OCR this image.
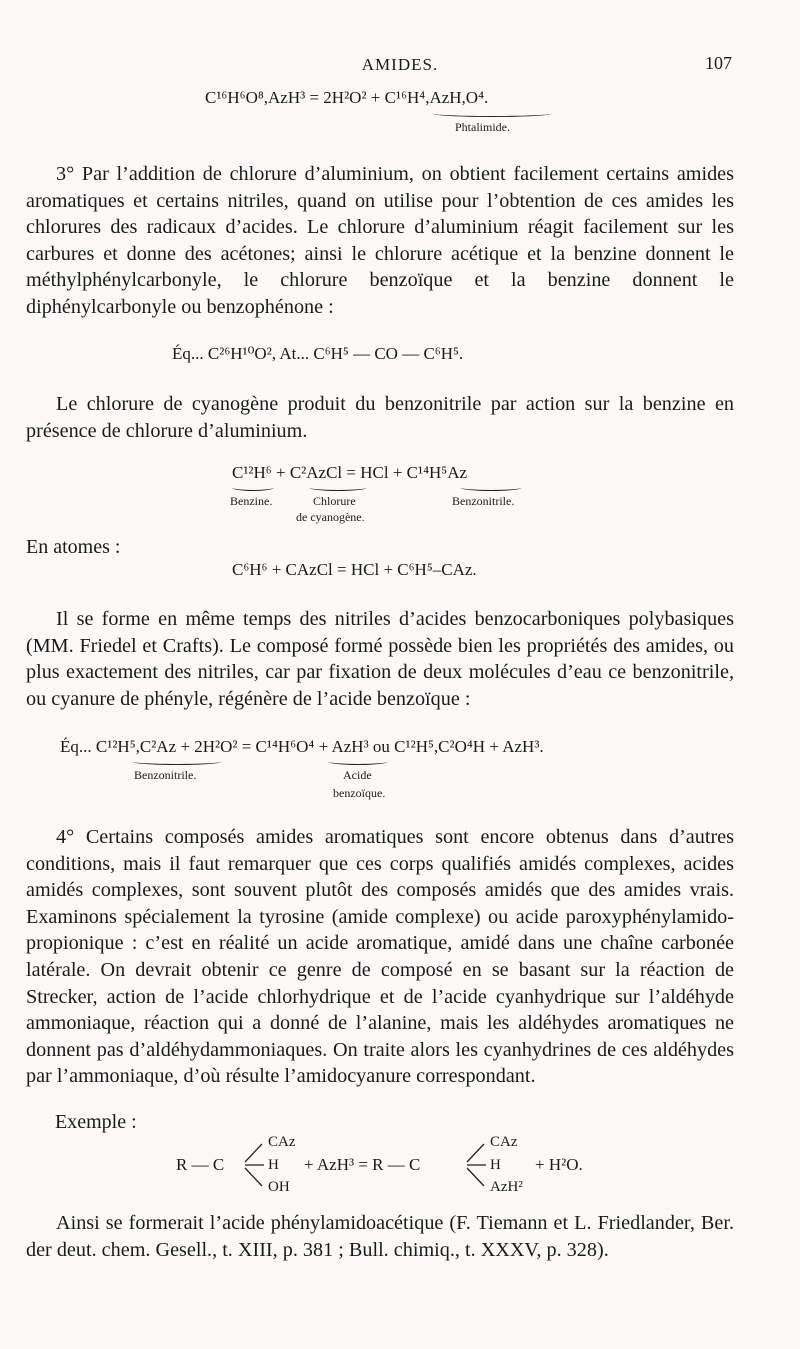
AMIDES.	107
C¹⁶H⁶O⁸,AzH³ = 2H²O² + C¹⁶H⁴,AzH,O⁴.
Phtalimide.
3° Par l’addition de chlorure d’aluminium, on obtient facilement certains amides aromatiques et certains nitriles, quand on utilise pour l’obtention de ces amides les chlorures des radicaux d’acides. Le chlorure d’aluminium réagit facilement sur les carbures et donne des acétones; ainsi le chlorure acétique et la benzine donnent le méthylphénylcarbonyle, le chlorure benzoïque et la benzine donnent le diphénylcarbonyle ou benzophénone :
Éq... C²⁶H¹⁰O², At... C⁶H⁵ — CO — C⁶H⁵.
Le chlorure de cyanogène produit du benzonitrile par action sur la benzine en présence de chlorure d’aluminium.
C¹²H⁶ + C²AzCl = HCl + C¹⁴H⁵Az
Benzine.	Chlorure
de cyanogène.
Benzonitrile.
En atomes :
C⁶H⁶ + CAzCl = HCl + C⁶H⁵–CAz.
Il se forme en même temps des nitriles d’acides benzocarboniques polybasiques (MM. Friedel et Crafts). Le composé formé possède bien les propriétés des amides, ou plus exactement des nitriles, car par fixation de deux molécules d’eau ce benzonitrile, ou cyanure de phényle, régénère de l’acide benzoïque :
Éq... C¹²H⁵,C²Az + 2H²O² = C¹⁴H⁶O⁴ + AzH³ ou C¹²H⁵,C²O⁴H + AzH³.
Benzonitrile.	Acide
benzoïque.
4° Certains composés amides aromatiques sont encore obtenus dans d’autres conditions, mais il faut remarquer que ces corps qualifiés amidés complexes, acides amidés complexes, sont souvent plutôt des composés amidés que des amides vrais. Examinons spécialement la tyrosine (amide complexe) ou acide paroxyphénylamido-propionique : c’est en réalité un acide aromatique, amidé dans une chaîne carbonée latérale. On devrait obtenir ce genre de composé en se basant sur la réaction de Strecker, action de l’acide chlorhydrique et de l’acide cyanhydrique sur l’aldéhyde ammoniaque, réaction qui a donné de l’alanine, mais les aldéhydes aromatiques ne donnent pas d’aldéhydammoniaques. On traite alors les cyanhydrines de ces aldéhydes par l’ammoniaque, d’où résulte l’amidocyanure correspondant.
Exemple :
R — C
CAz
H
OH
+ AzH³ = R — C
CAz
H
AzH²
+ H²O.
Ainsi se formerait l’acide phénylamidoacétique (F. Tiemann et L. Friedlander, Ber. der deut. chem. Gesell., t. XIII, p. 381 ; Bull. chimiq., t. XXXV, p. 328).
